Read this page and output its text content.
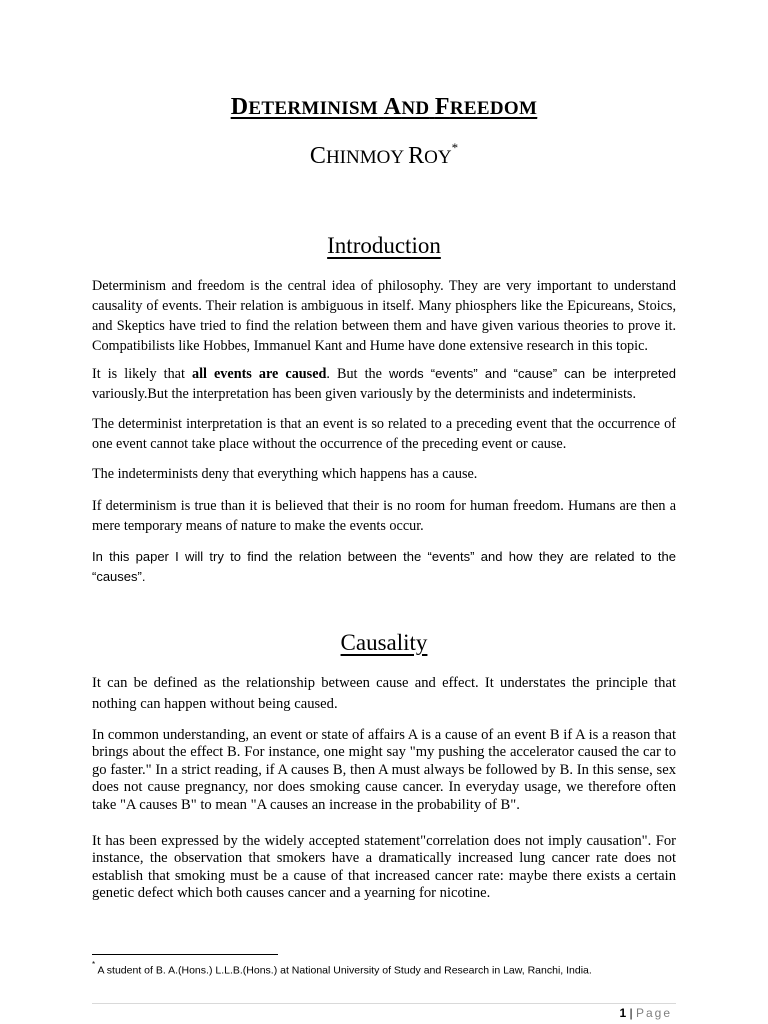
DETERMINISM AND FREEDOM
CHINMOY ROY*
Introduction

Determinism and freedom is the central idea of philosophy. They are very important to understand causality of events. Their relation is ambiguous in itself. Many phiosphers like the Epicureans, Stoics, and Skeptics have tried to find the relation between them and have given various theories to prove it. Compatibilists like Hobbes, Immanuel Kant and Hume have done extensive research in this topic.

It is likely that all events are caused. But the words “events” and “cause” can be interpreted variously.But the interpretation has been given variously by the determinists and indeterminists.

The determinist interpretation is that an event is so related to a preceding event that the occurrence of one event cannot take place without the occurrence of the preceding event or cause.

The indeterminists deny that everything which happens has a cause.

If determinism is true than it is believed that their is no room for human freedom. Humans are then a mere temporary means of nature to make the events occur.

In this paper I will try to find the relation between the “events” and how they are related to the “causes”.

Causality

It can be defined as the relationship between cause and effect. It understates the principle that nothing can happen without being caused.

In common understanding, an event or state of affairs A is a cause of an event B if A is a reason that brings about the effect B. For instance, one might say "my pushing the accelerator caused the car to go faster." In a strict reading, if A causes B, then A must always be followed by B. In this sense, sex does not cause pregnancy, nor does smoking cause cancer. In everyday usage, we therefore often take "A causes B" to mean "A causes an increase in the probability of B".

It has been expressed by the widely accepted statement"correlation does not imply causation". For instance, the observation that smokers have a dramatically increased lung cancer rate does not establish that smoking must be a cause of that increased cancer rate: maybe there exists a certain genetic defect which both causes cancer and a yearning for nicotine.

* A student of B. A.(Hons.) L.L.B.(Hons.) at National University of Study and Research in Law, Ranchi, India.
1 | Page
